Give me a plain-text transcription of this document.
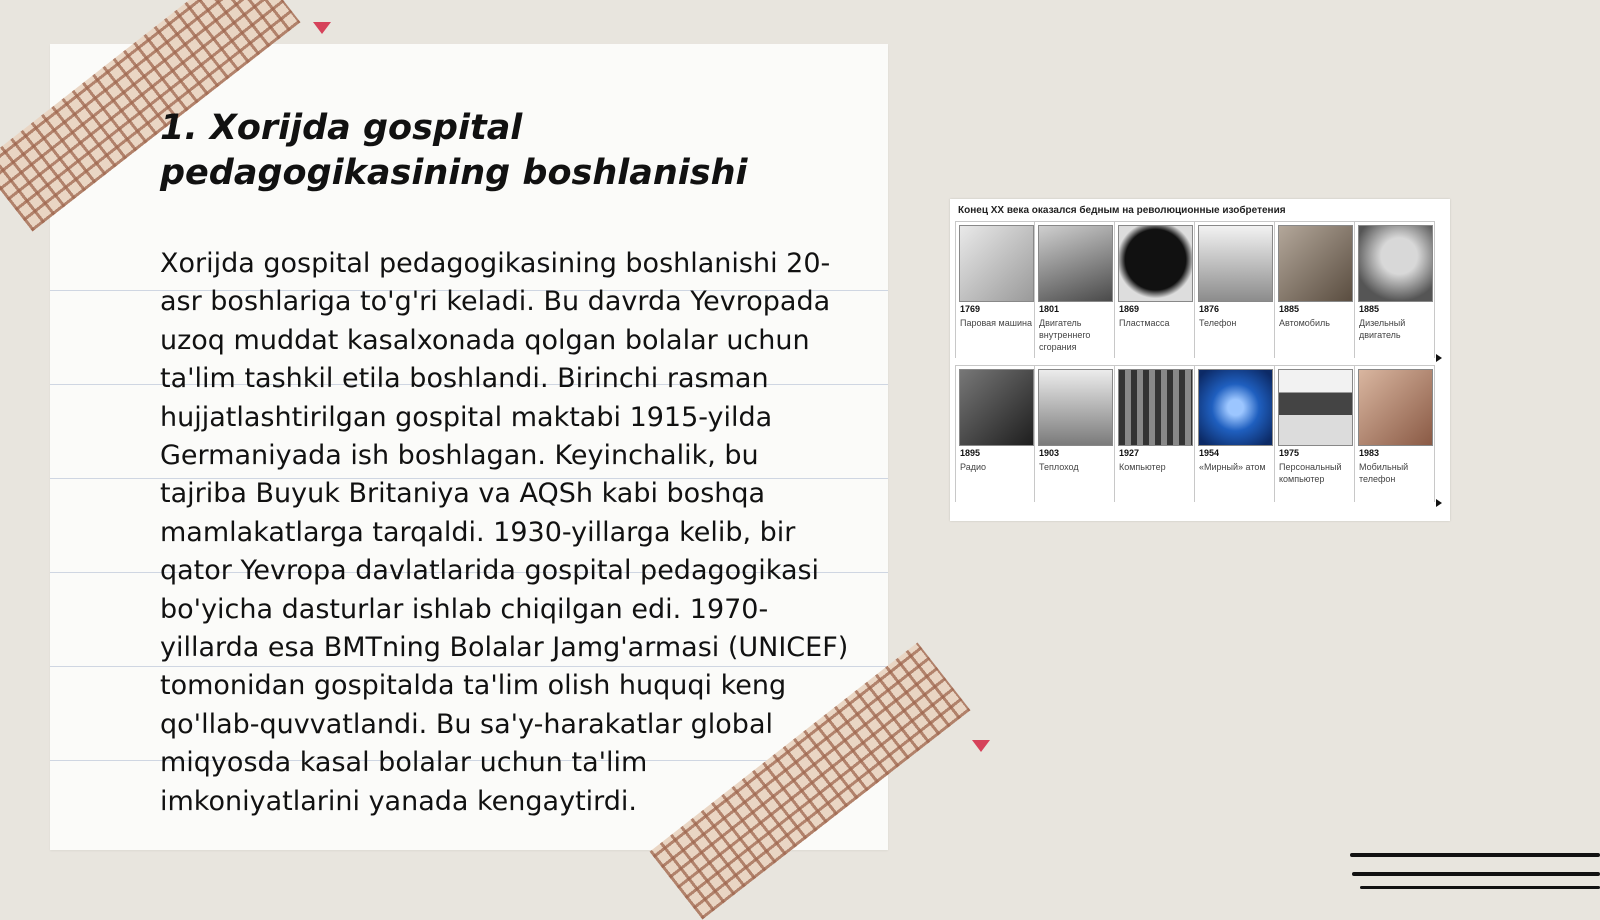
1. Xorijda gospital pedagogikasining boshlanishi
Xorijda gospital pedagogikasining boshlanishi 20-asr boshlariga to'g'ri keladi. Bu davrda Yevropada uzoq muddat kasalxonada qolgan bolalar uchun ta'lim tashkil etila boshlandi. Birinchi rasman hujjatlashtirilgan gospital maktabi 1915-yilda Germaniyada ish boshlagan. Keyinchalik, bu tajriba Buyuk Britaniya va AQSh kabi boshqa mamlakatlarga tarqaldi. 1930-yillarga kelib, bir qator Yevropa davlatlarida gospital pedagogikasi bo'yicha dasturlar ishlab chiqilgan edi. 1970-yillarda esa BMTning Bolalar Jamg'armasi (UNICEF) tomonidan gospitalda ta'lim olish huquqi keng qo'llab-quvvatlandi. Bu sa'y-harakatlar global miqyosda kasal bolalar uchun ta'lim imkoniyatlarini yanada kengaytirdi.
Конец XX века оказался бедным на революционные изобретения
1769
Паровая машина
1801
Двигатель внутреннего сгорания
1869
Пластмасса
1876
Телефон
1885
Автомобиль
1885
Дизельный двигатель
1895
Радио
1903
Теплоход
1927
Компьютер
1954
«Мирный» атом
1975
Персональный компьютер
1983
Мобильный телефон
